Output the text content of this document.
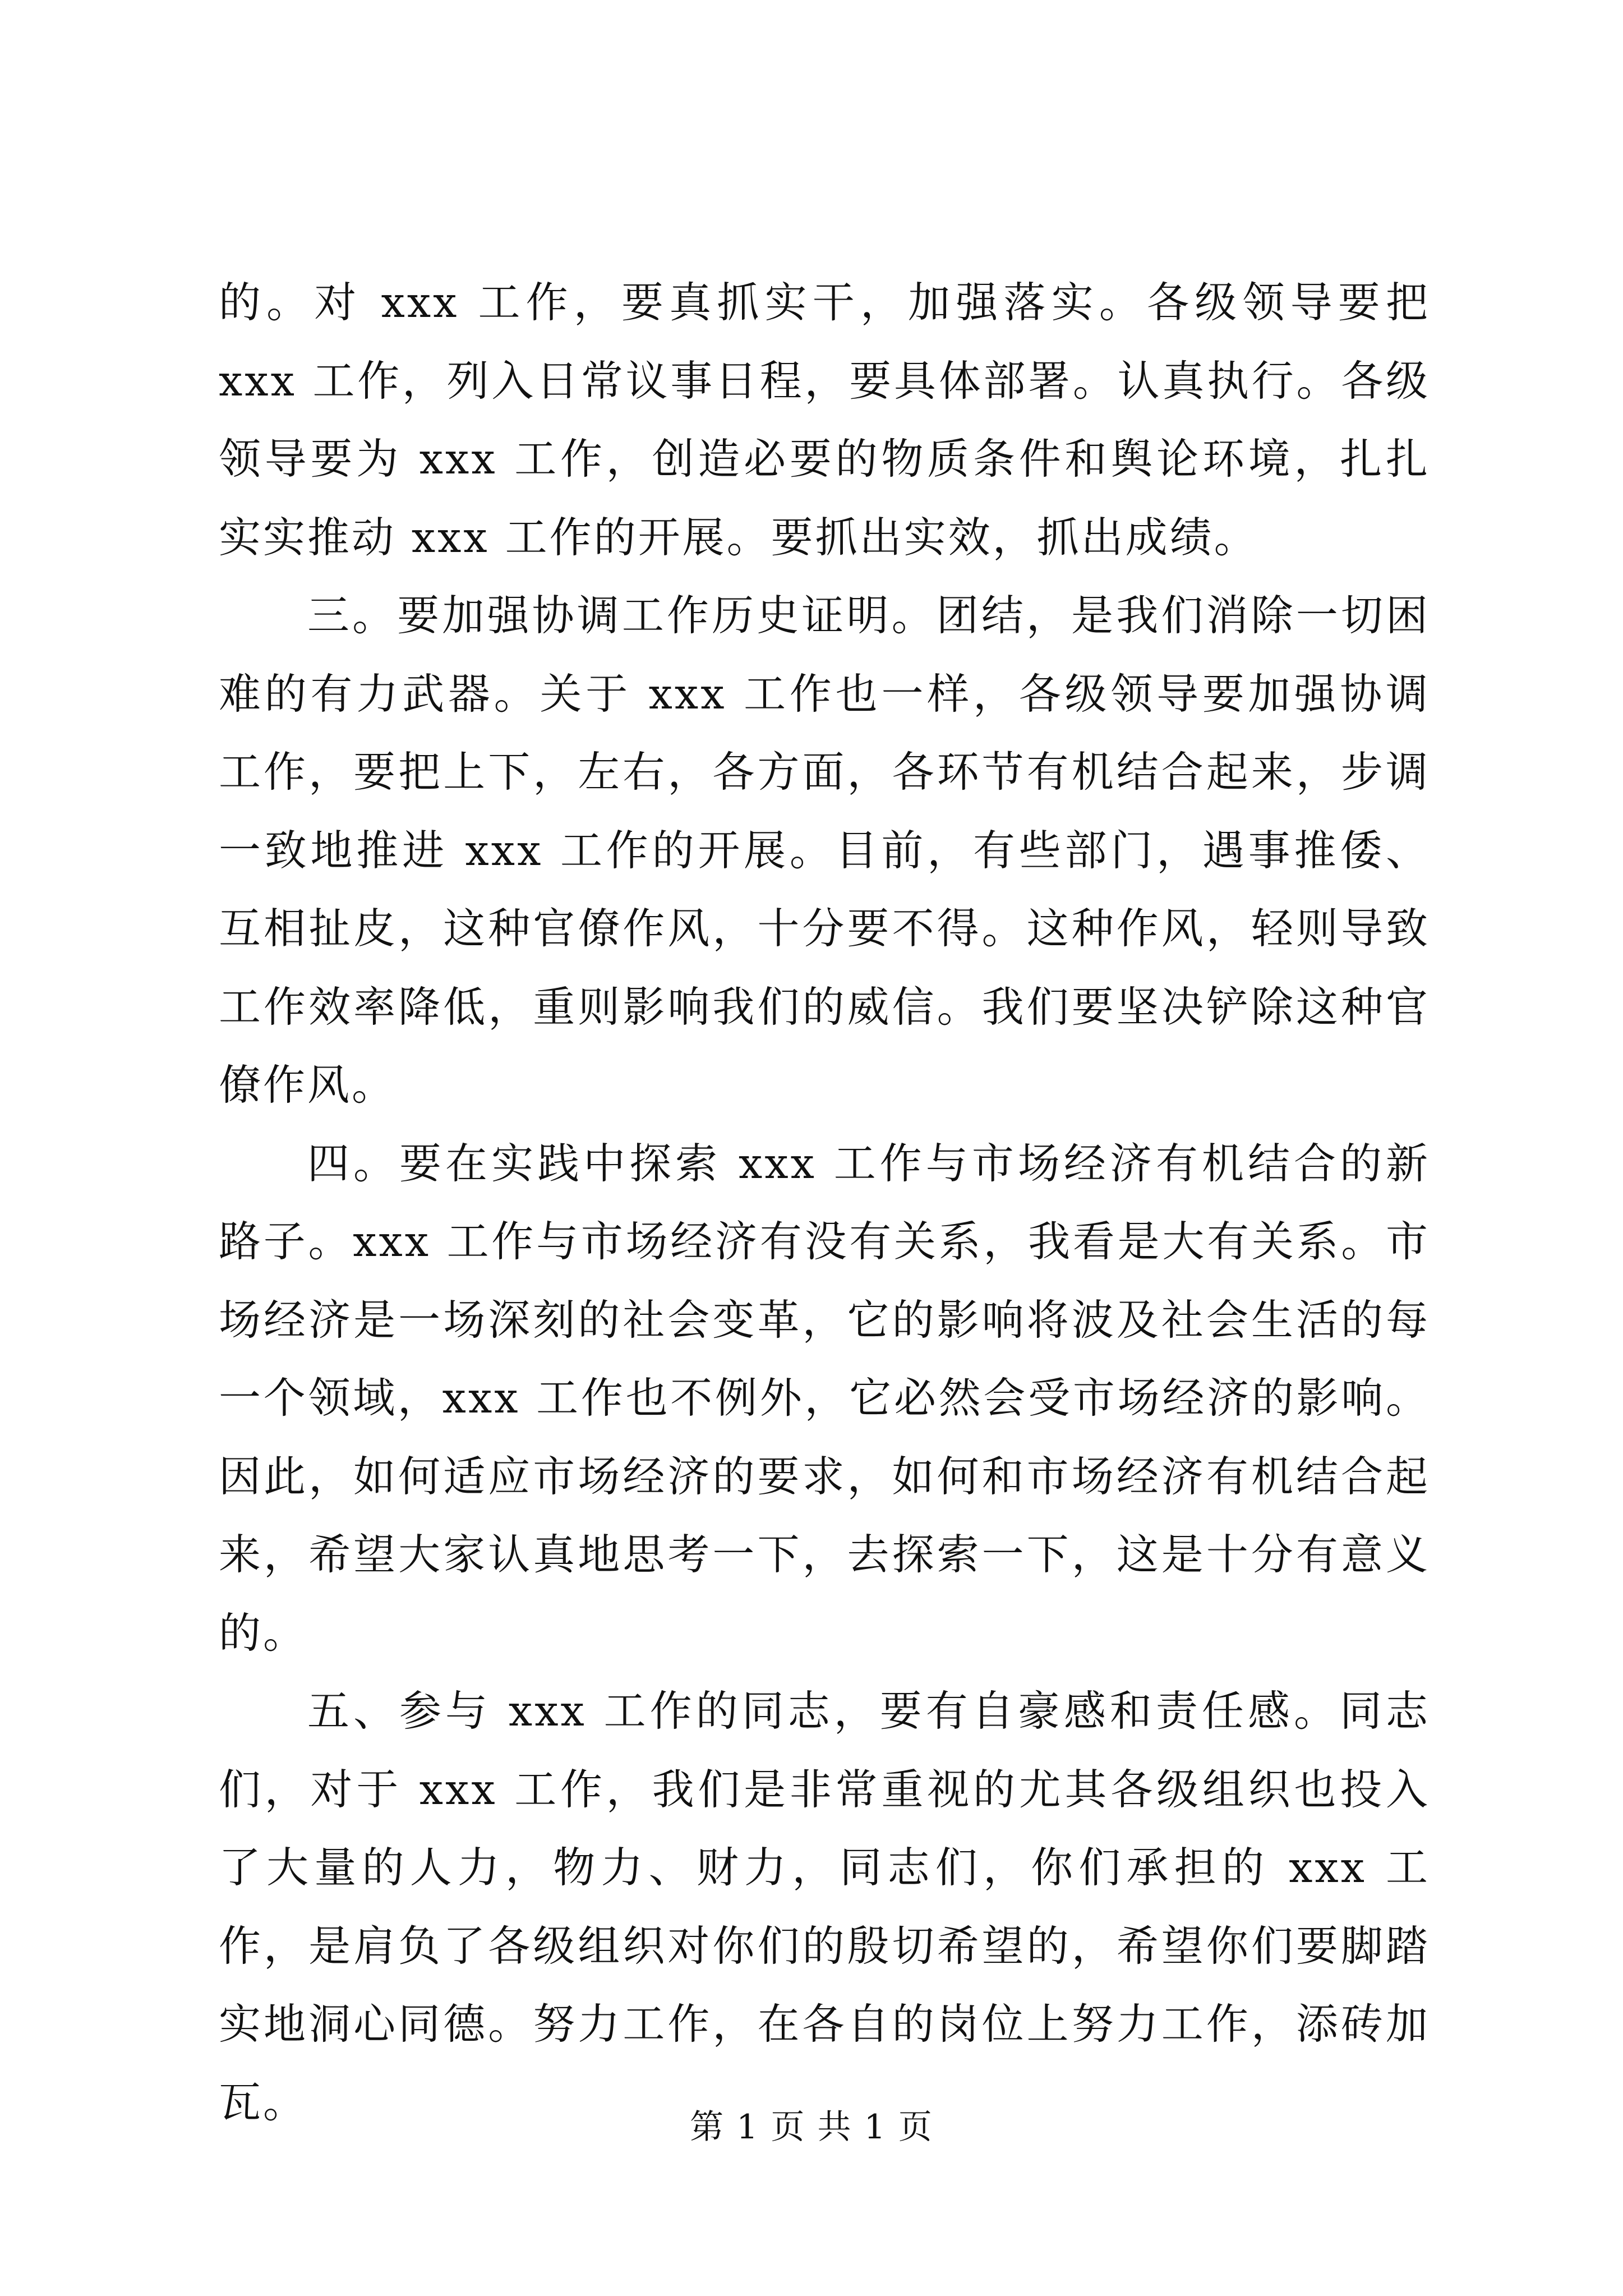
的。对 xxx 工作，要真抓实干，加强落实。各级领导要把 xxx 工作，列入日常议事日程，要具体部署。认真执行。各级领导要为 xxx 工作，创造必要的物质条件和舆论环境，扎扎实实推动 xxx 工作的开展。要抓出实效，抓出成绩。

三。要加强协调工作历史证明。团结，是我们消除一切困难的有力武器。关于 xxx 工作也一样，各级领导要加强协调工作，要把上下，左右，各方面，各环节有机结合起来，步调一致地推进 xxx 工作的开展。目前，有些部门，遇事推倭、互相扯皮，这种官僚作风，十分要不得。这种作风，轻则导致工作效率降低，重则影响我们的威信。我们要坚决铲除这种官僚作风。

四。要在实践中探索 xxx 工作与市场经济有机结合的新路子。xxx 工作与市场经济有没有关系，我看是大有关系。市场经济是一场深刻的社会变革，它的影响将波及社会生活的每一个领域，xxx 工作也不例外，它必然会受市场经济的影响。因此，如何适应市场经济的要求，如何和市场经济有机结合起来，希望大家认真地思考一下，去探索一下，这是十分有意义的。

五、参与 xxx 工作的同志，要有自豪感和责任感。同志们，对于 xxx 工作，我们是非常重视的尤其各级组织也投入了大量的人力，物力、财力，同志们，你们承担的 xxx 工作，是肩负了各级组织对你们的殷切希望的，希望你们要脚踏实地洞心同德。努力工作，在各自的岗位上努力工作，添砖加瓦。

第 1 页 共 1 页
